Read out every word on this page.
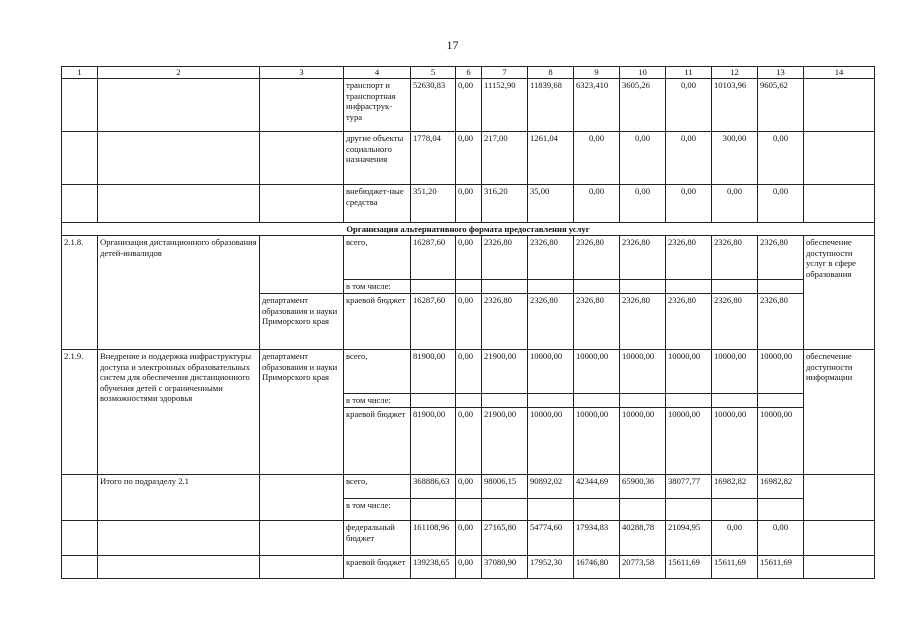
17
1	2	3	4	5	6	7	8	9	10	11	12	13	14
			транспорт и транспортная инфраструк-тура	52630,83	0,00	11152,90	11839,68	6323,410	3605,26	0,00	10103,96	9605,62	
			другие объекты социального назначения	1778,04	0,00	217,00	1261,04	0,00	0,00	0,00	300,00	0,00	
			внебюджет-ные средства	351,20	0,00	316,20	35,00	0,00	0,00	0,00	0,00	0,00	
Организация альтернативного формата предоставления услуг													
2.1.8.	Организация дистанционного образования детей-инвалидов		всего,	16287,60	0,00	2326,80	2326,80	2326,80	2326,80	2326,80	2326,80	2326,80	обеспечение доступности услуг в сфере образования
			в том числе:										
		департамент образования и науки Приморского края	краевой бюджет	16287,60	0,00	2326,80	2326,80	2326,80	2326,80	2326,80	2326,80	2326,80	
2.1.9.	Внедрение и поддержка инфраструктуры доступа и электронных образовательных систем для обеспечения дистанционного обучения детей с ограниченными возможностями здоровья	департамент образования и науки Приморского края	всего,	81900,00	0,00	21900,00	10000,00	10000,00	10000,00	10000,00	10000,00	10000,00	обеспечение доступности информации
			в том числе:										
			краевой бюджет	81900,00	0,00	21900,00	10000,00	10000,00	10000,00	10000,00	10000,00	10000,00	
	Итого по подразделу 2.1		всего,	368886,63	0,00	98006,15	90892,02	42344,69	65900,36	38077,77	16982,82	16982,82	
			в том числе:										
			федеральный бюджет	161108,96	0,00	27165,80	54774,60	17934,83	40288,78	21094,95	0,00	0,00	
			краевой бюджет	139238,65	0,00	37080,90	17952,30	16746,80	20773,58	15611,69	15611,69	15611,69	
